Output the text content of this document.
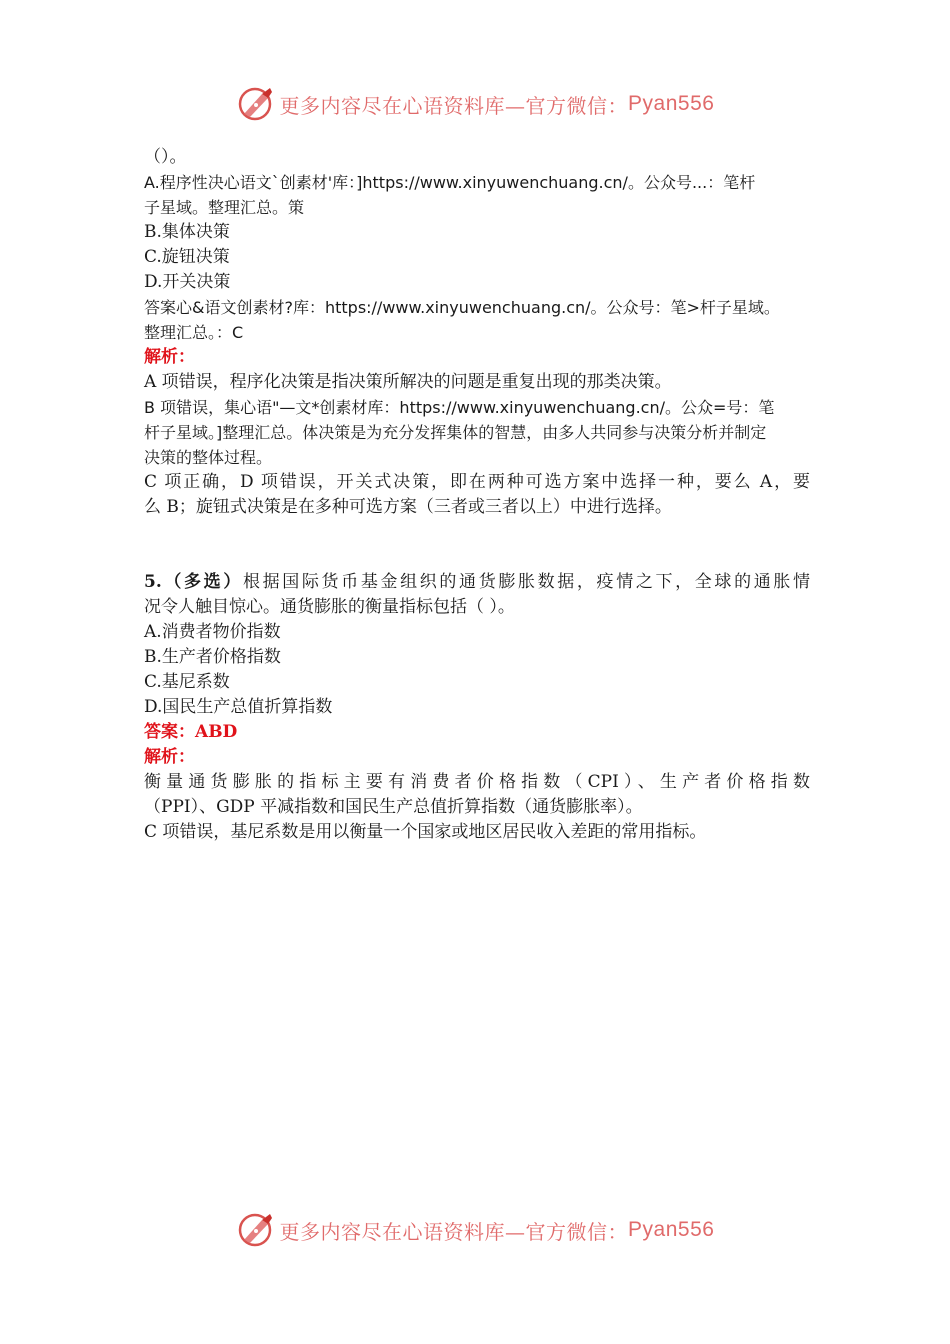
更多内容尽在心语资料库—官方微信： Pyan556

（）。

A.程序性决心语文`创素材'库：]https://www.xinyuwenchuang.cn/。公众号...：笔杆

子星域。整理汇总。策

B.集体决策

C.旋钮决策

D.开关决策

答案心&语文创素材?库：https://www.xinyuwenchuang.cn/。公众号：笔>杆子星域。

整理汇总。：C

解析：

A 项错误，程序化决策是指决策所解决的问题是重复出现的那类决策。

B 项错误，集心语"—文*创素材库：https://www.xinyuwenchuang.cn/。公众=号：笔

杆子星域。]整理汇总。体决策是为充分发挥集体的智慧，由多人共同参与决策分析并制定

决策的整体过程。

C 项正确，D 项错误，开关式决策，即在两种可选方案中选择一种，要么 A，要

么 B；旋钮式决策是在多种可选方案（三者或三者以上）中进行选择。

5.（多选）根据国际货币基金组织的通货膨胀数据，疫情之下，全球的通胀情

况令人触目惊心。通货膨胀的衡量指标包括（ ）。

A.消费者物价指数

B.生产者价格指数

C.基尼系数

D.国民生产总值折算指数

答案：ABD

解析：

衡量通货膨胀的指标主要有消费者价格指数（CPI）、生产者价格指数

（PPI）、GDP 平减指数和国民生产总值折算指数（通货膨胀率）。

C 项错误，基尼系数是用以衡量一个国家或地区居民收入差距的常用指标。

更多内容尽在心语资料库—官方微信： Pyan556
